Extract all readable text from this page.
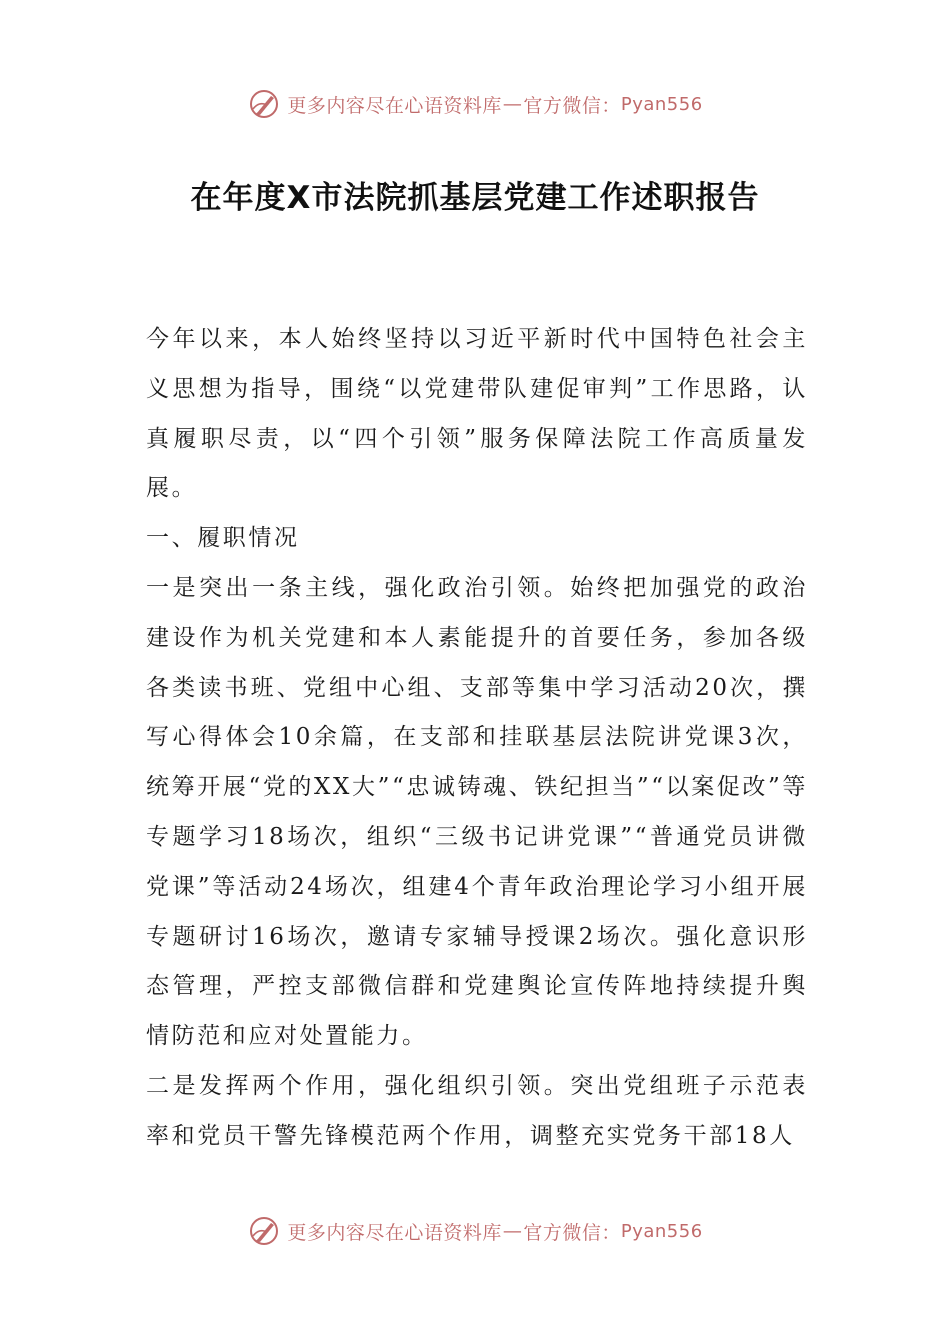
更多内容尽在心语资料库 — 官方微信： Pyan556
在年度X市法院抓基层党建工作述职报告

今年以来，本人始终坚持以习近平新时代中国特色社会主义思想为指导，围绕“以党建带队建促审判”工作思路，认真履职尽责，以“四个引领”服务保障法院工作高质量发展。

一、履职情况

一是突出一条主线，强化政治引领。始终把加强党的政治建设作为机关党建和本人素能提升的首要任务，参加各级各类读书班、党组中心组、支部等集中学习活动20次，撰写心得体会10余篇，在支部和挂联基层法院讲党课3次，统筹开展“党的XX大”“忠诚铸魂、铁纪担当”“以案促改”等专题学习18场次，组织“三级书记讲党课”“普通党员讲微党课”等活动24场次，组建4个青年政治理论学习小组开展专题研讨16场次，邀请专家辅导授课2场次。强化意识形态管理，严控支部微信群和党建舆论宣传阵地持续提升舆情防范和应对处置能力。

二是发挥两个作用，强化组织引领。突出党组班子示范表率和党员干警先锋模范两个作用，调整充实党务干部18人

更多内容尽在心语资料库 — 官方微信： Pyan556
